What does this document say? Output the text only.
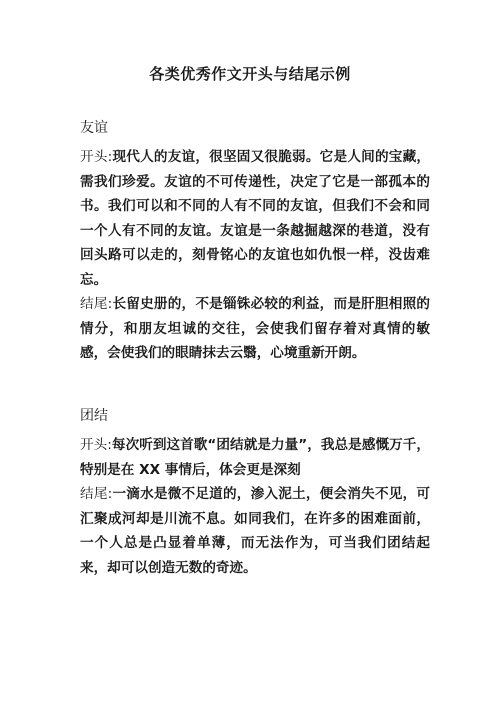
各类优秀作文开头与结尾示例
友谊

开头:现代人的友谊，很坚固又很脆弱。它是人间的宝藏，需我们珍爱。友谊的不可传递性，决定了它是一部孤本的书。我们可以和不同的人有不同的友谊，但我们不会和同一个人有不同的友谊。友谊是一条越掘越深的巷道，没有回头路可以走的，刻骨铭心的友谊也如仇恨一样，没齿难忘。

结尾:长留史册的，不是锱铢必较的利益，而是肝胆相照的情分，和朋友坦诚的交往，会使我们留存着对真情的敏感，会使我们的眼睛抹去云翳，心境重新开朗。

团结

开头:每次听到这首歌“团结就是力量”，我总是感慨万千，特别是在 XX 事情后，体会更是深刻

结尾:一滴水是微不足道的，渗入泥土，便会消失不见，可汇聚成河却是川流不息。如同我们，在许多的困难面前，一个人总是凸显着单薄，而无法作为，可当我们团结起来，却可以创造无数的奇迹。
